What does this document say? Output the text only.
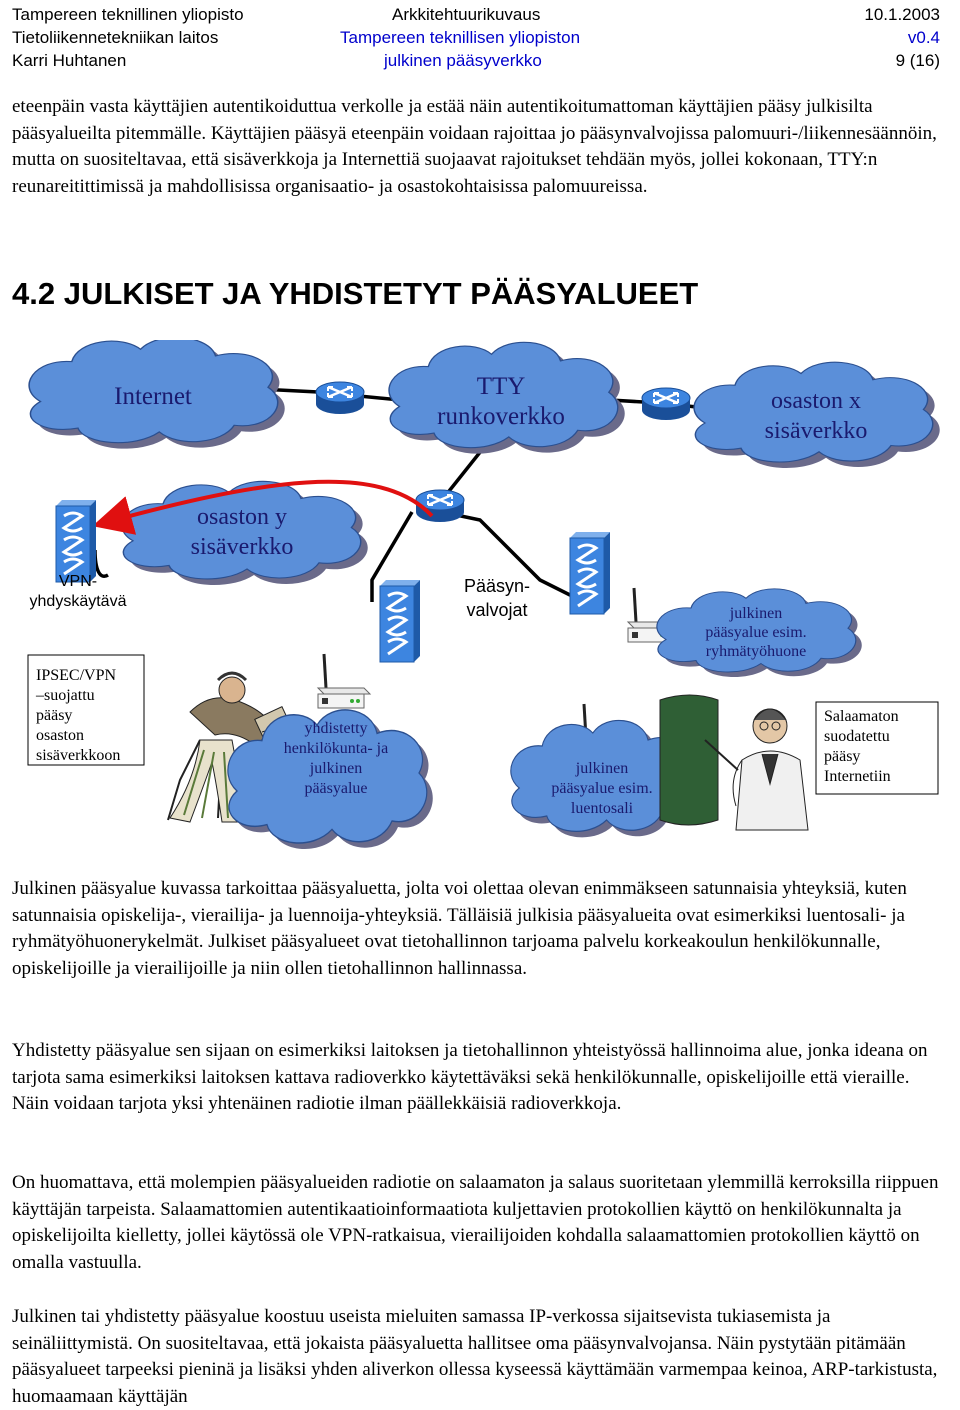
Tampereen teknillinen yliopisto
Tietoliikennetekniikan laitos
Karri Huhtanen
Arkkitehtuurikuvaus
Tampereen teknillisen yliopiston
julkinen pääsyverkko
10.1.2003
v0.4
9 (16)

eteenpäin vasta käyttäjien autentikoiduttua verkolle ja estää näin autentikoitumattoman käyttäjien pääsy julkisilta pääsyalueilta pitemmälle. Käyttäjien pääsyä eteenpäin voidaan rajoittaa jo pääsynvalvojissa palomuuri-/liikennesäännöin, mutta on suositeltavaa, että sisäverkkoja ja Internettiä suojaavat rajoitukset tehdään myös, jollei kokonaan, TTY:n reunareitittimissä ja mahdollisissa organisaatio- ja osastokohtaisissa palomuureissa.

4.2 JULKISET JA YHDISTETYT PÄÄSYALUEET
Internet	TTY
runkoverkko
osaston x
sisäverkko
osaston y
sisäverkko
VPN-
yhdyskäytävä
Pääsyn-
valvojat
IPSEC/VPN
–suojattu
pääsy
osaston
sisäverkkoon
yhdistetty
henkilökunta- ja
julkinen
pääsyalue
julkinen
pääsyalue esim.
luentosali
julkinen
pääsyalue esim.
ryhmätyöhuone
Salaamaton
suodatettu
pääsy
Internetiin

Julkinen pääsyalue kuvassa tarkoittaa pääsyaluetta, jolta voi olettaa olevan enimmäkseen satunnaisia yhteyksiä, kuten satunnaisia opiskelija-, vierailija- ja luennoija-yhteyksiä. Tälläisiä julkisia pääsyalueita ovat esimerkiksi luentosali- ja ryhmätyöhuonerykelmät. Julkiset pääsyalueet ovat tietohallinnon tarjoama palvelu korkeakoulun henkilökunnalle, opiskelijoille ja vierailijoille ja niin ollen tietohallinnon hallinnassa.

Yhdistetty pääsyalue sen sijaan on esimerkiksi laitoksen ja tietohallinnon yhteistyössä hallinnoima alue, jonka ideana on tarjota sama esimerkiksi laitoksen kattava radioverkko käytettäväksi sekä henkilökunnalle, opiskelijoille että vieraille. Näin voidaan tarjota yksi yhtenäinen radiotie ilman päällekkäisiä radioverkkoja.

On huomattava, että molempien pääsyalueiden radiotie on salaamaton ja salaus suoritetaan ylemmillä kerroksilla riippuen käyttäjän tarpeista. Salaamattomien autentikaatioinformaatiota kuljettavien protokollien käyttö on henkilökunnalta ja opiskelijoilta kielletty, jollei käytössä ole VPN-ratkaisua, vierailijoiden kohdalla salaamattomien protokollien käyttö on omalla vastuulla.

Julkinen tai yhdistetty pääsyalue koostuu useista mieluiten samassa IP-verkossa sijaitsevista tukiasemista ja seinäliittymistä. On suositeltavaa, että jokaista pääsyaluetta hallitsee oma pääsynvalvojansa. Näin pystytään pitämään pääsyalueet tarpeeksi pieninä ja lisäksi yhden aliverkon ollessa kyseessä käyttämään varmempaa keinoa, ARP-tarkistusta, huomaamaan käyttäjän
